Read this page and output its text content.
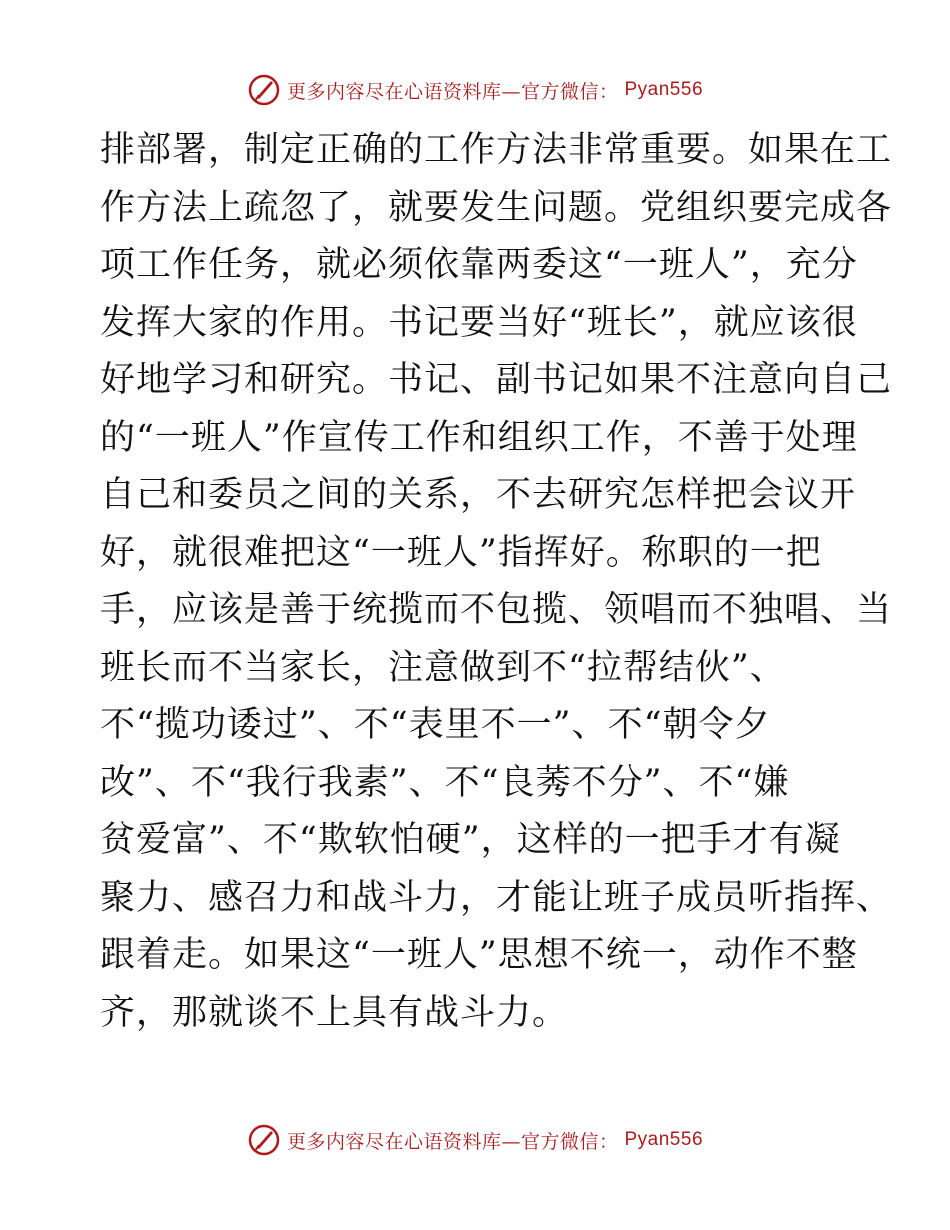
更多内容尽在心语资料库—官方微信： Pyan556
排部署，制定正确的工作方法非常重要。如果在工
作方法上疏忽了，就要发生问题。党组织要完成各
项工作任务，就必须依靠两委这“一班人”，充分
发挥大家的作用。书记要当好“班长”，就应该很
好地学习和研究。书记、副书记如果不注意向自己
的“一班人”作宣传工作和组织工作，不善于处理
自己和委员之间的关系，不去研究怎样把会议开
好，就很难把这“一班人”指挥好。称职的一把
手，应该是善于统揽而不包揽、领唱而不独唱、当
班长而不当家长，注意做到不“拉帮结伙”、
不“揽功诿过”、不“表里不一”、不“朝令夕
改”、不“我行我素”、不“良莠不分”、不“嫌
贫爱富”、不“欺软怕硬”，这样的一把手才有凝
聚力、感召力和战斗力，才能让班子成员听指挥、
跟着走。如果这“一班人”思想不统一，动作不整
齐，那就谈不上具有战斗力。
更多内容尽在心语资料库—官方微信： Pyan556
